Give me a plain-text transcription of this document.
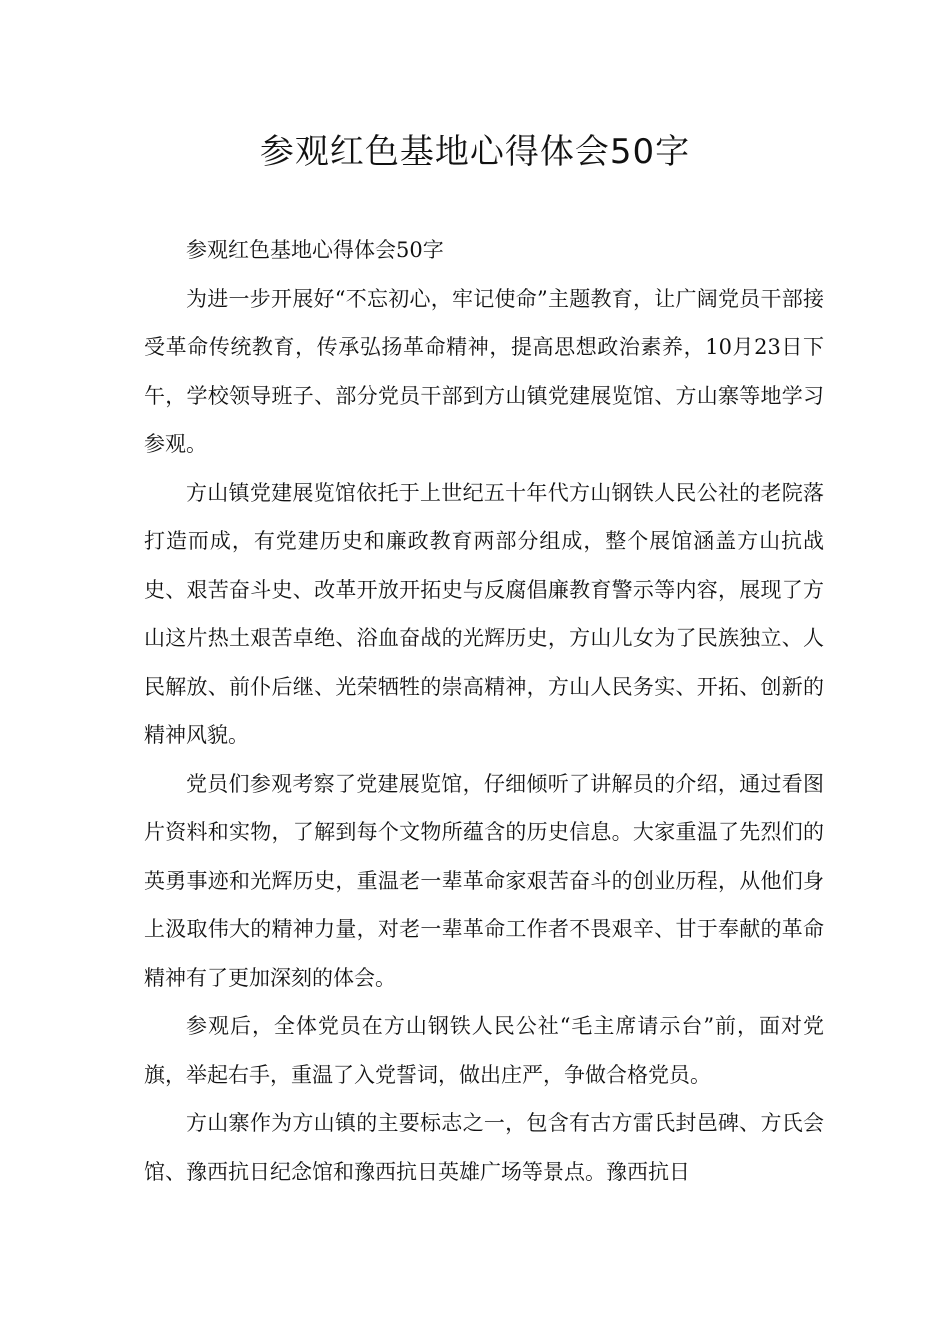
参观红色基地心得体会50字

参观红色基地心得体会50字

为进一步开展好“不忘初心，牢记使命”主题教育，让广阔党员干部接受革命传统教育，传承弘扬革命精神，提高思想政治素养，10月23日下午，学校领导班子、部分党员干部到方山镇党建展览馆、方山寨等地学习参观。

方山镇党建展览馆依托于上世纪五十年代方山钢铁人民公社的老院落打造而成，有党建历史和廉政教育两部分组成，整个展馆涵盖方山抗战史、艰苦奋斗史、改革开放开拓史与反腐倡廉教育警示等内容，展现了方山这片热土艰苦卓绝、浴血奋战的光辉历史，方山儿女为了民族独立、人民解放、前仆后继、光荣牺牲的崇高精神，方山人民务实、开拓、创新的精神风貌。

党员们参观考察了党建展览馆，仔细倾听了讲解员的介绍，通过看图片资料和实物，了解到每个文物所蕴含的历史信息。大家重温了先烈们的英勇事迹和光辉历史，重温老一辈革命家艰苦奋斗的创业历程，从他们身上汲取伟大的精神力量，对老一辈革命工作者不畏艰辛、甘于奉献的革命精神有了更加深刻的体会。

参观后，全体党员在方山钢铁人民公社“毛主席请示台”前，面对党旗，举起右手，重温了入党誓词，做出庄严，争做合格党员。

方山寨作为方山镇的主要标志之一，包含有古方雷氏封邑碑、方氏会馆、豫西抗日纪念馆和豫西抗日英雄广场等景点。豫西抗日
